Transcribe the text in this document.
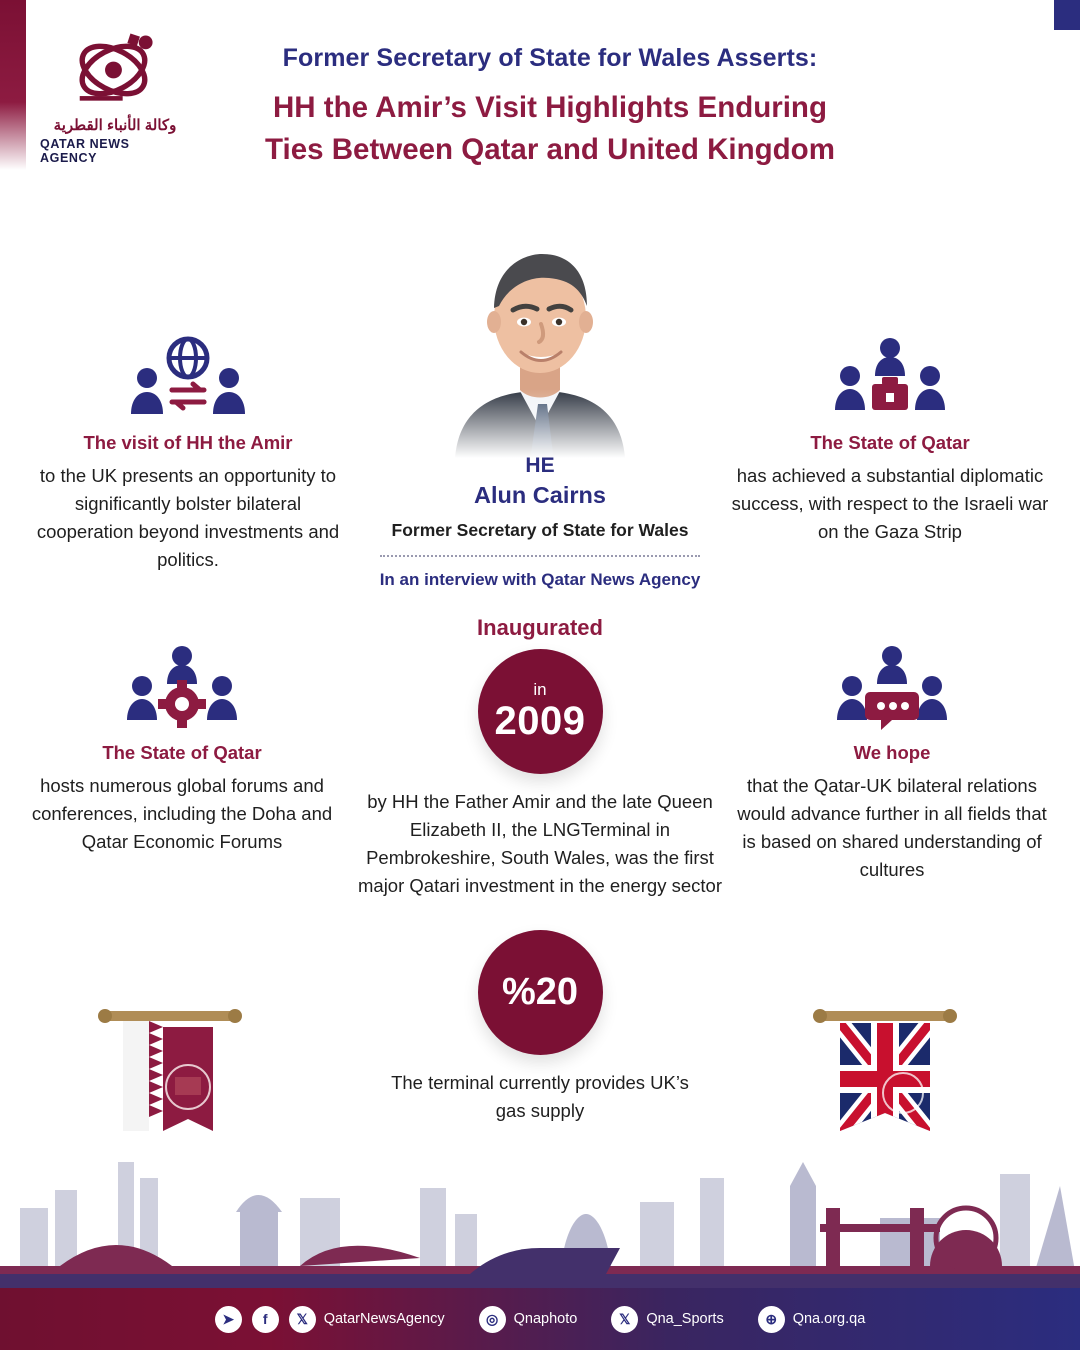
وكالة الأنباء القطرية
QATAR NEWS AGENCY
Former Secretary of State for Wales Asserts:
HH the Amir’s Visit Highlights Enduring
Ties Between Qatar and United Kingdom
HE
Alun Cairns
Former Secretary of State for Wales
In an interview with Qatar News Agency
The visit of HH the Amir
to the UK presents an opportunity to significantly bolster bilateral cooperation beyond investments and politics.
The State of Qatar
has achieved a substantial diplomatic success, with respect to the Israeli war on the Gaza Strip
The State of Qatar
hosts numerous global forums and conferences, including the Doha and Qatar Economic Forums
We hope
that the Qatar-UK bilateral relations would advance further in all fields that is based on shared understanding of cultures
Inaugurated
in
2009
by HH the Father Amir and the late Queen Elizabeth II, the LNGTerminal in Pembrokeshire, South Wales, was the first major Qatari investment in the energy sector
%20
The terminal currently provides UK’s gas supply
➤	f	𝕏	QatarNewsAgency	◎	Qnaphoto	𝕏	Qna_Sports	⊕	Qna.org.qa
